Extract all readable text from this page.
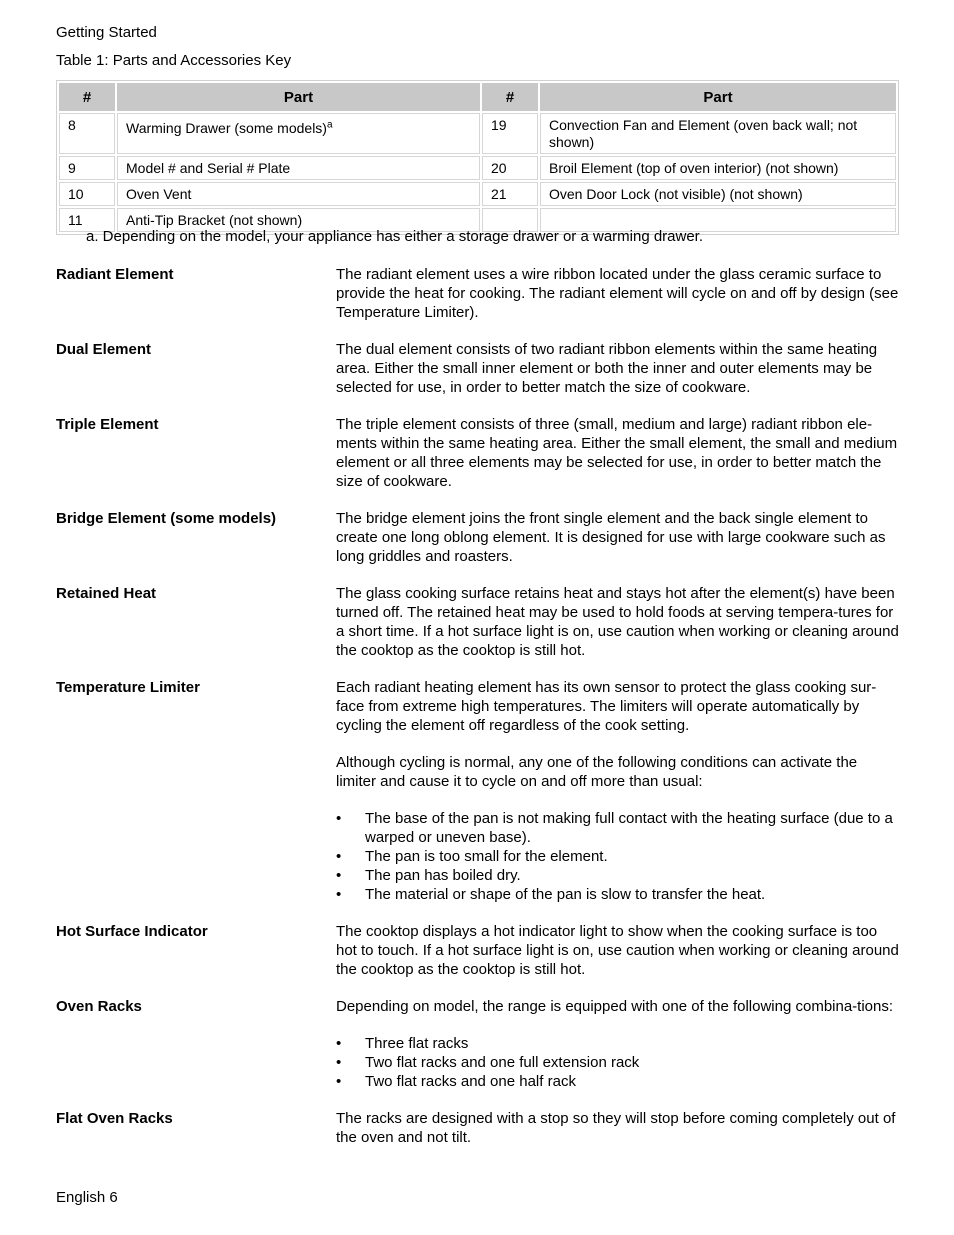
Getting Started
Table 1: Parts and Accessories Key
#	Part	#	Part
8	Warming Drawer (some models)$^a$	19	Convection Fan and Element (oven back wall; not shown)
9	Model # and Serial # Plate	20	Broil Element (top of oven interior) (not shown)
10	Oven Vent	21	Oven Door Lock (not visible) (not shown)
11	Anti-Tip Bracket (not shown)		
a. Depending on the model, your appliance has either a storage drawer or a warming drawer.
Radiant Element	The radiant element uses a wire ribbon located under the glass ceramic surface to provide the heat for cooking. The radiant element will cycle on and off by design (see Temperature Limiter).

Dual Element	The dual element consists of two radiant ribbon elements within the same heating area. Either the small inner element or both the inner and outer elements may be selected for use, in order to better match the size of cookware.

Triple Element	The triple element consists of three (small, medium and large) radiant ribbon ele-ments within the same heating area. Either the small element, the small and medium element or all three elements may be selected for use, in order to better match the size of cookware.

Bridge Element (some models)	The bridge element joins the front single element and the back single element to create one long oblong element. It is designed for use with large cookware such as long griddles and roasters.

Retained Heat	The glass cooking surface retains heat and stays hot after the element(s) have been turned off. The retained heat may be used to hold foods at serving tempera-tures for a short time. If a hot surface light is on, use caution when working or cleaning around the cooktop as the cooktop is still hot.

Temperature Limiter	Each radiant heating element has its own sensor to protect the glass cooking sur-face from extreme high temperatures. The limiters will operate automatically by cycling the element off regardless of the cook setting.

Although cycling is normal, any one of the following conditions can activate the limiter and cause it to cycle on and off more than usual:

• The base of the pan is not making full contact with the heating surface (due to a warped or uneven base).
• The pan is too small for the element.
• The pan has boiled dry.
• The material or shape of the pan is slow to transfer the heat.
Hot Surface Indicator	The cooktop displays a hot indicator light to show when the cooking surface is too hot to touch. If a hot surface light is on, use caution when working or cleaning around the cooktop as the cooktop is still hot.

Oven Racks	Depending on model, the range is equipped with one of the following combina-tions:

• Three flat racks
• Two flat racks and one full extension rack
• Two flat racks and one half rack
Flat Oven Racks	The racks are designed with a stop so they will stop before coming completely out of the oven and not tilt.

English 6
